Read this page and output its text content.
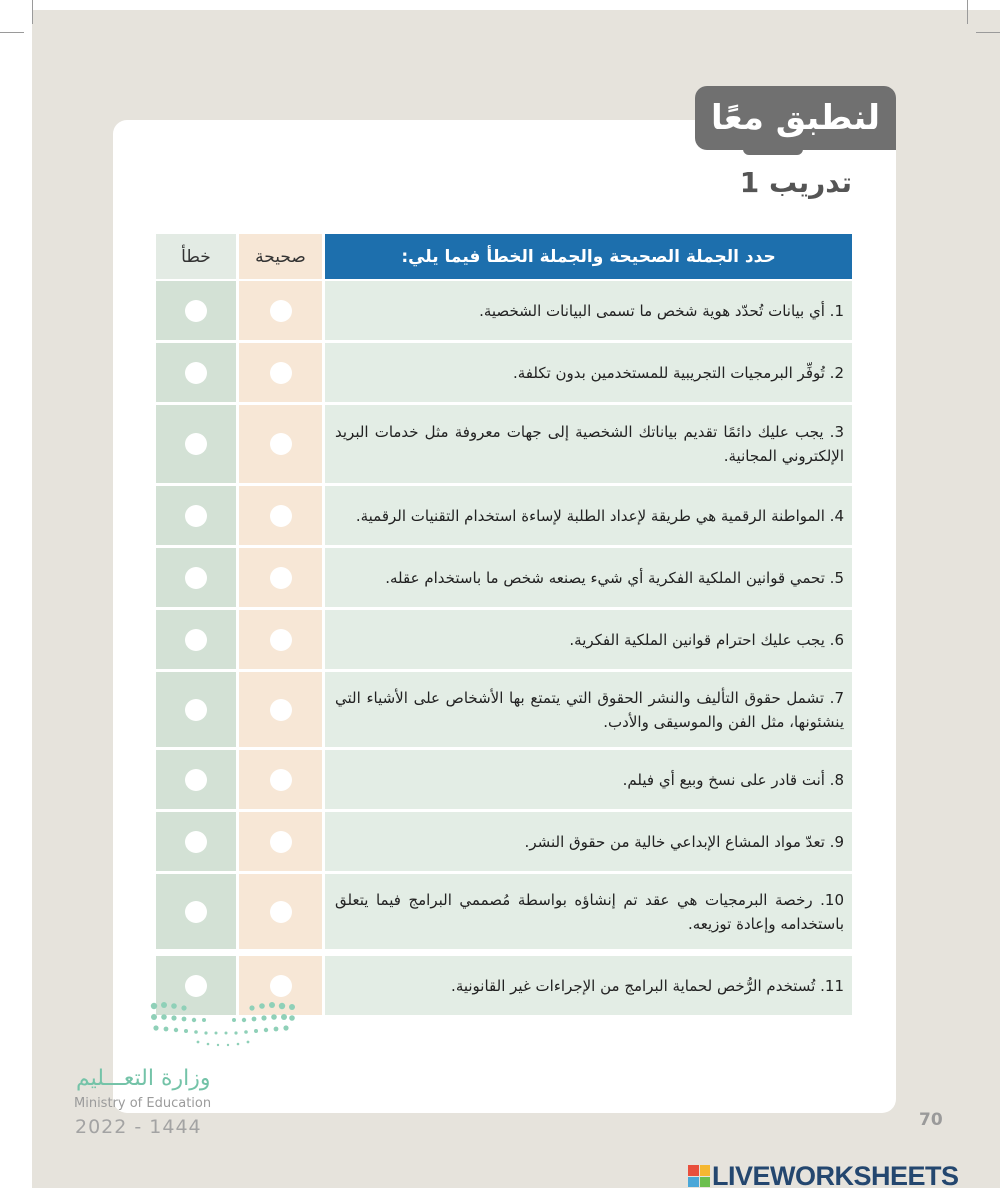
لنطبق معًا
تدريب 1
خطأ	صحيحة	حدد الجملة الصحيحة والجملة الخطأ فيما يلي:
1. أي بيانات تُحدّد هوية شخص ما تسمى البيانات الشخصية.
2. تُوفِّر البرمجيات التجريبية للمستخدمين بدون تكلفة.
3. يجب عليك دائمًا تقديم بياناتك الشخصية إلى جهات معروفة مثل خدمات البريد الإلكتروني المجانية.
4. المواطنة الرقمية هي طريقة لإعداد الطلبة لإساءة استخدام التقنيات الرقمية.
5. تحمي قوانين الملكية الفكرية أي شيء يصنعه شخص ما باستخدام عقله.
6. يجب عليك احترام قوانين الملكية الفكرية.
7. تشمل حقوق التأليف والنشر الحقوق التي يتمتع بها الأشخاص على الأشياء التي ينشئونها، مثل الفن والموسيقى والأدب.
8. أنت قادر على نسخ وبيع أي فيلم.
9. تعدّ مواد المشاع الإبداعي خالية من حقوق النشر.
10. رخصة البرمجيات هي عقد تم إنشاؤه بواسطة مُصممي البرامج فيما يتعلق باستخدامه وإعادة توزيعه.
11. تُستخدم الرُّخص لحماية البرامج من الإجراءات غير القانونية.
وزارة التعـــليم
Ministry of Education
2022 - 1444	70
LIVEWORKSHEETS
